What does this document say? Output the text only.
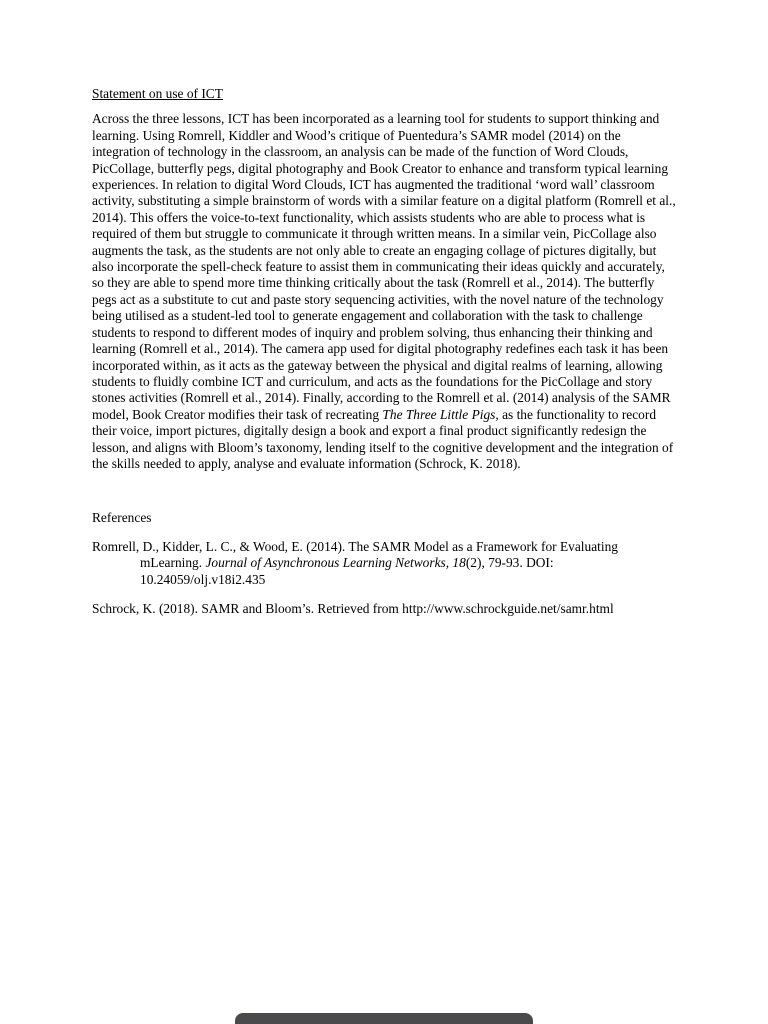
Statement on use of ICT

Across the three lessons, ICT has been incorporated as a learning tool for students to support thinking and learning. Using Romrell, Kiddler and Wood’s critique of Puentedura’s SAMR model (2014) on the integration of technology in the classroom, an analysis can be made of the function of Word Clouds, PicCollage, butterfly pegs, digital photography and Book Creator to enhance and transform typical learning experiences. In relation to digital Word Clouds, ICT has augmented the traditional ‘word wall’ classroom activity, substituting a simple brainstorm of words with a similar feature on a digital platform (Romrell et al., 2014). This offers the voice-to-text functionality, which assists students who are able to process what is required of them but struggle to communicate it through written means. In a similar vein, PicCollage also augments the task, as the students are not only able to create an engaging collage of pictures digitally, but also incorporate the spell-check feature to assist them in communicating their ideas quickly and accurately, so they are able to spend more time thinking critically about the task (Romrell et al., 2014). The butterfly pegs act as a substitute to cut and paste story sequencing activities, with the novel nature of the technology being utilised as a student-led tool to generate engagement and collaboration with the task to challenge students to respond to different modes of inquiry and problem solving, thus enhancing their thinking and learning (Romrell et al., 2014). The camera app used for digital photography redefines each task it has been incorporated within, as it acts as the gateway between the physical and digital realms of learning, allowing students to fluidly combine ICT and curriculum, and acts as the foundations for the PicCollage and story stones activities (Romrell et al., 2014). Finally, according to the Romrell et al. (2014) analysis of the SAMR model, Book Creator modifies their task of recreating The Three Little Pigs, as the functionality to record their voice, import pictures, digitally design a book and export a final product significantly redesign the lesson, and aligns with Bloom’s taxonomy, lending itself to the cognitive development and the integration of the skills needed to apply, analyse and evaluate information (Schrock, K. 2018).

References

Romrell, D., Kidder, L. C., & Wood, E. (2014). The SAMR Model as a Framework for Evaluating mLearning. Journal of Asynchronous Learning Networks, 18(2), 79-93. DOI: 10.24059/olj.v18i2.435

Schrock, K. (2018). SAMR and Bloom’s. Retrieved from http://www.schrockguide.net/samr.html
